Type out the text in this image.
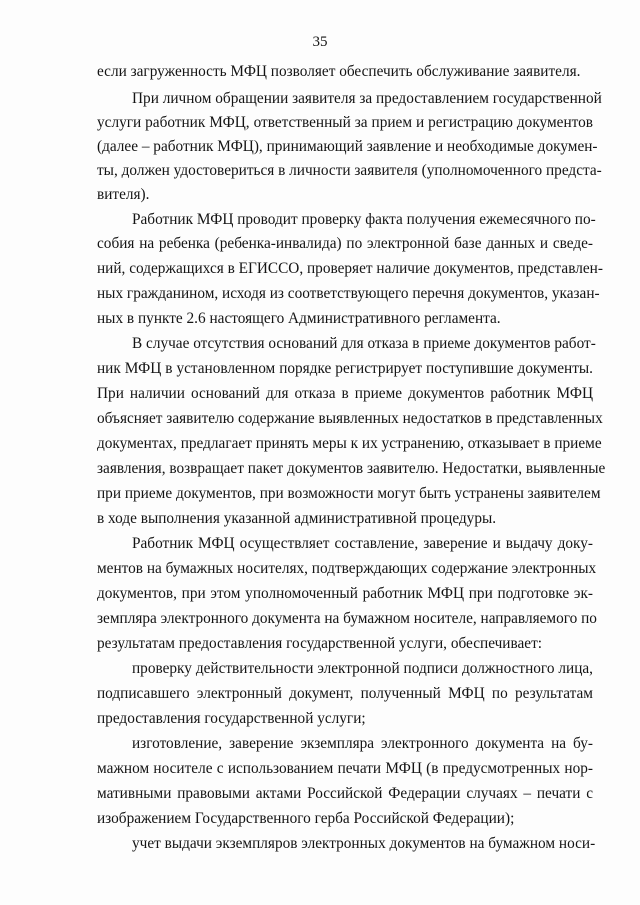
35
если загруженность МФЦ позволяет обеспечить обслуживание заявителя.
При личном обращении заявителя за предоставлением государственной
услуги работник МФЦ, ответственный за прием и регистрацию документов
(далее – работник МФЦ), принимающий заявление и необходимые докумен-
ты, должен удостовериться в личности заявителя (уполномоченного предста-
вителя).
Работник МФЦ проводит проверку факта получения ежемесячного по-
собия на ребенка (ребенка-инвалида) по электронной базе данных и сведе-
ний, содержащихся в ЕГИССО, проверяет наличие документов, представлен-
ных гражданином, исходя из соответствующего перечня документов, указан-
ных в пункте 2.6 настоящего Административного регламента.
В случае отсутствия оснований для отказа в приеме документов работ-
ник МФЦ в установленном порядке регистрирует поступившие документы.
При наличии оснований для отказа в приеме документов работник МФЦ
объясняет заявителю содержание выявленных недостатков в представленных
документах, предлагает принять меры к их устранению, отказывает в приеме
заявления, возвращает пакет документов заявителю. Недостатки, выявленные
при приеме документов, при возможности могут быть устранены заявителем
в ходе выполнения указанной административной процедуры.
Работник МФЦ осуществляет составление, заверение и выдачу доку-
ментов на бумажных носителях, подтверждающих содержание электронных
документов, при этом уполномоченный работник МФЦ при подготовке эк-
земпляра электронного документа на бумажном носителе, направляемого по
результатам предоставления государственной услуги, обеспечивает:
проверку действительности электронной подписи должностного лица,
подписавшего электронный документ, полученный МФЦ по результатам
предоставления государственной услуги;
изготовление, заверение экземпляра электронного документа на бу-
мажном носителе с использованием печати МФЦ (в предусмотренных нор-
мативными правовыми актами Российской Федерации случаях – печати с
изображением Государственного герба Российской Федерации);
учет выдачи экземпляров электронных документов на бумажном носи-
